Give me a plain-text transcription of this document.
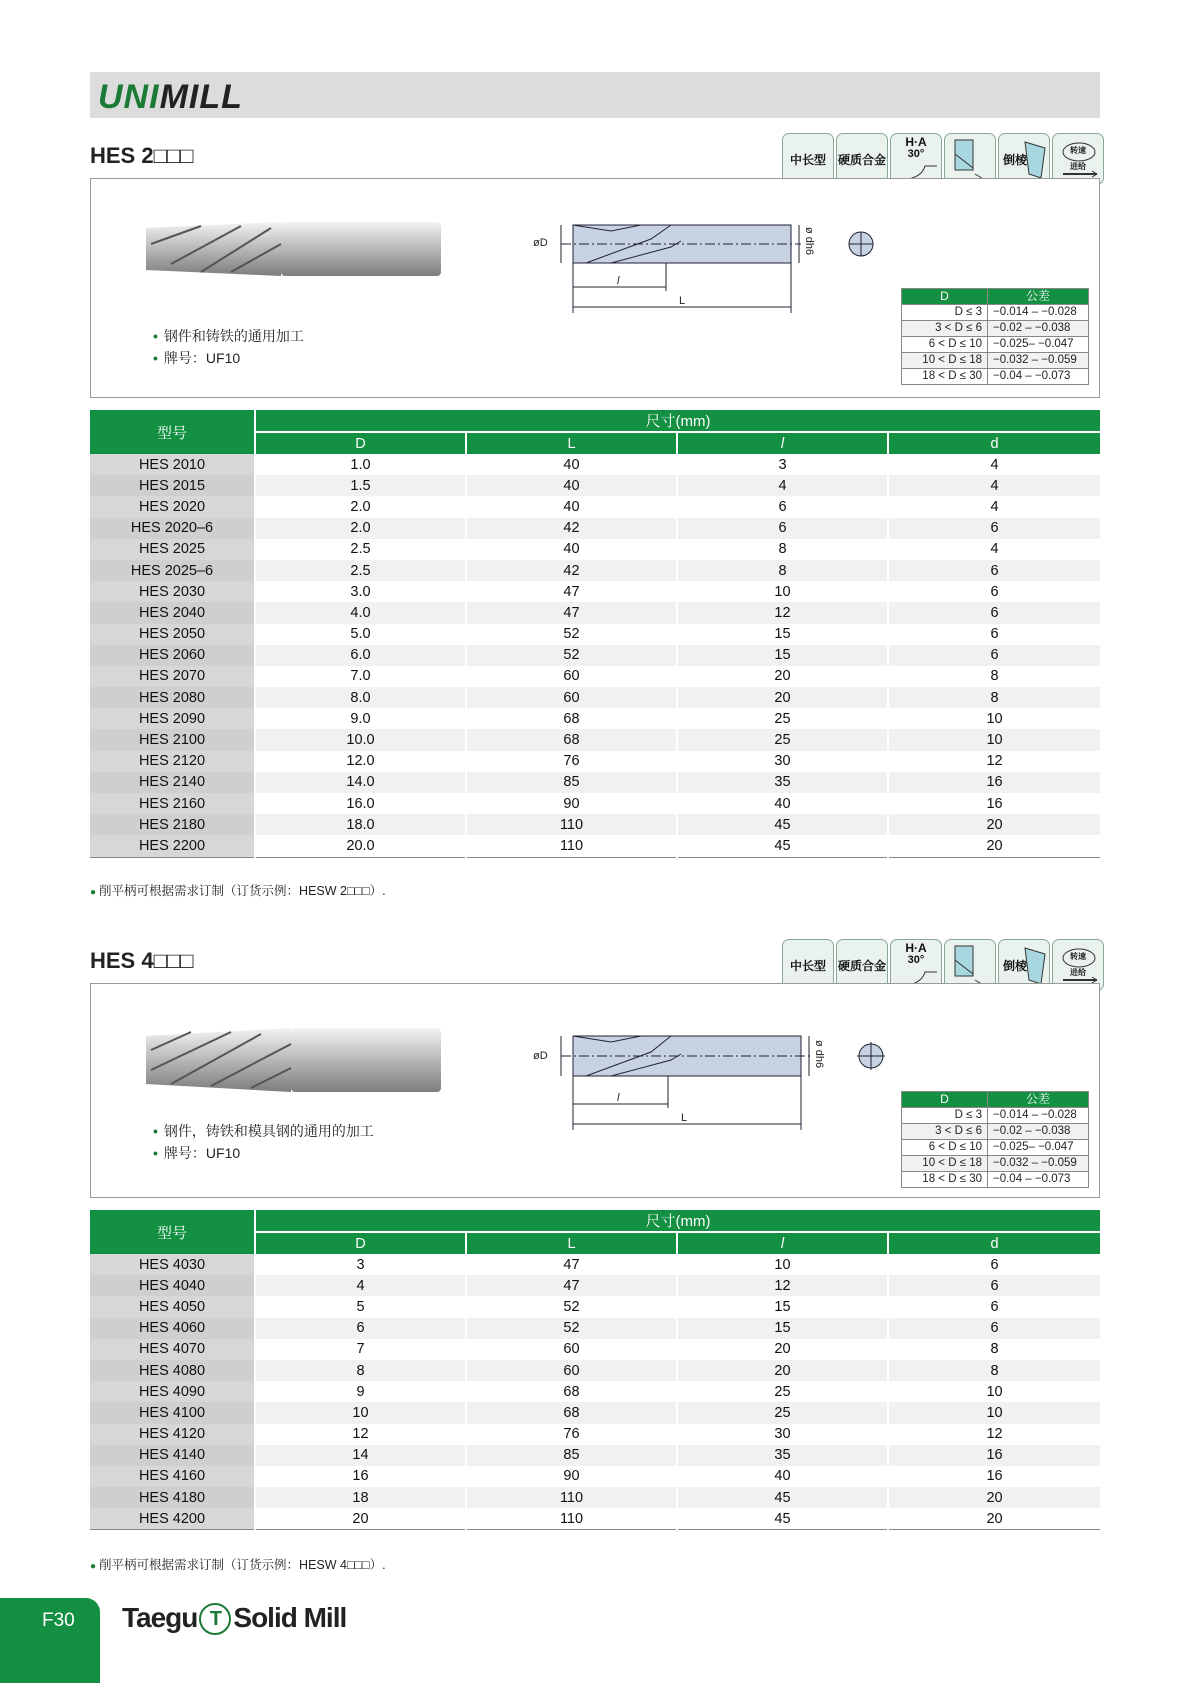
UNIMILL
HES 2□□□	中长型 硬质合金
H·A
30°	倒棱
转速
进给
• 钢件和铸铁的通用加工
• 牌号：UF10
øD	ø dh6
l
L	D	公差
D ≤ 3	−0.014 – −0.028
3 < D ≤ 6	−0.02 – −0.038
6 < D ≤ 10	−0.025– −0.047
10 < D ≤ 18	−0.032 – −0.059
18 < D ≤ 30	−0.04 – −0.073
型号	尺寸(mm)			
	D	L	l	d
HES 2010	1.0	40	3	4
HES 2015	1.5	40	4	4
HES 2020	2.0	40	6	4
HES 2020–6	2.0	42	6	6
HES 2025	2.5	40	8	4
HES 2025–6	2.5	42	8	6
HES 2030	3.0	47	10	6
HES 2040	4.0	47	12	6
HES 2050	5.0	52	15	6
HES 2060	6.0	52	15	6
HES 2070	7.0	60	20	8
HES 2080	8.0	60	20	8
HES 2090	9.0	68	25	10
HES 2100	10.0	68	25	10
HES 2120	12.0	76	30	12
HES 2140	14.0	85	35	16
HES 2160	16.0	90	40	16
HES 2180	18.0	110	45	20
HES 2200	20.0	110	45	20
● 削平柄可根据需求订制（订货示例：HESW 2□□□）.
HES 4□□□	中长型 硬质合金
H·A
30°	倒棱
转速
进给
• 钢件，铸铁和模具钢的通用的加工
• 牌号：UF10
øD	ø dh6
l
L
D	公差
D ≤ 3	−0.014 – −0.028
3 < D ≤ 6	−0.02 – −0.038
6 < D ≤ 10	−0.025– −0.047
10 < D ≤ 18	−0.032 – −0.059
18 < D ≤ 30	−0.04 – −0.073
型号	尺寸(mm)			
	D	L	l	d
HES 4030	3	47	10	6
HES 4040	4	47	12	6
HES 4050	5	52	15	6
HES 4060	6	52	15	6
HES 4070	7	60	20	8
HES 4080	8	60	20	8
HES 4090	9	68	25	10
HES 4100	10	68	25	10
HES 4120	12	76	30	12
HES 4140	14	85	35	16
HES 4160	16	90	40	16
HES 4180	18	110	45	20
HES 4200	20	110	45	20
● 削平柄可根据需求订制（订货示例：HESW 4□□□）.
F30 Taegu T Solid Mill
